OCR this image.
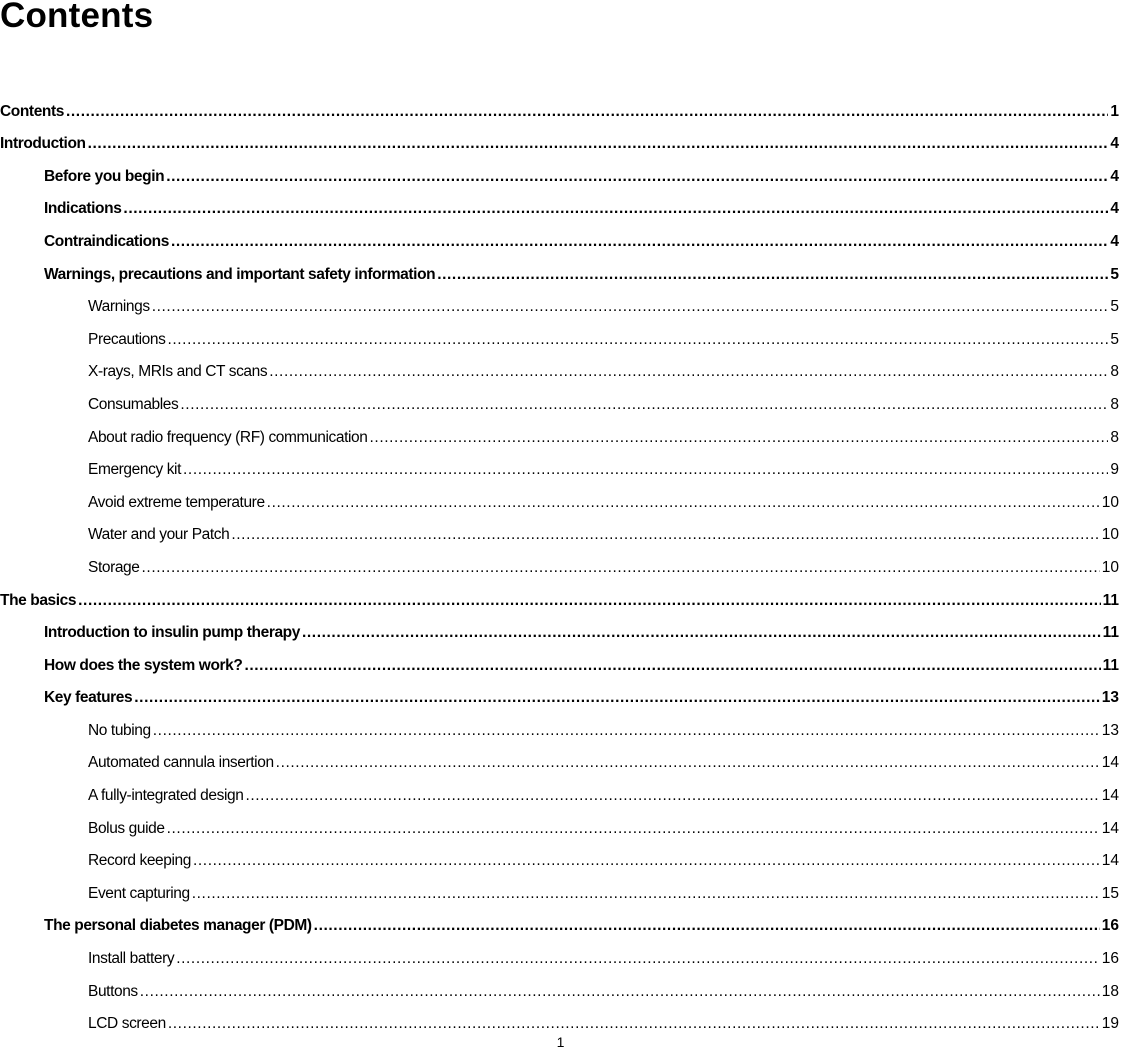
Contents
Contents .....	1
Introduction .....	4
Before you begin .....	4
Indications .....	4
Contraindications .....	4
Warnings, precautions and important safety information .....	5
Warnings .....	5
Precautions .....	5
X-rays, MRIs and CT scans .....	8
Consumables .....	8
About radio frequency (RF) communication .....	8
Emergency kit .....	9
Avoid extreme temperature .....	10
Water and your Patch .....	10
Storage .....	10
The basics .....	11
Introduction to insulin pump therapy .....	11
How does the system work? .....	11
Key features .....	13
No tubing .....	13
Automated cannula insertion .....	14
A fully-integrated design .....	14
Bolus guide .....	14
Record keeping .....	14
Event capturing .....	15
The personal diabetes manager (PDM) .....	16
Install battery .....	16
Buttons .....	18
LCD screen .....	19
1
